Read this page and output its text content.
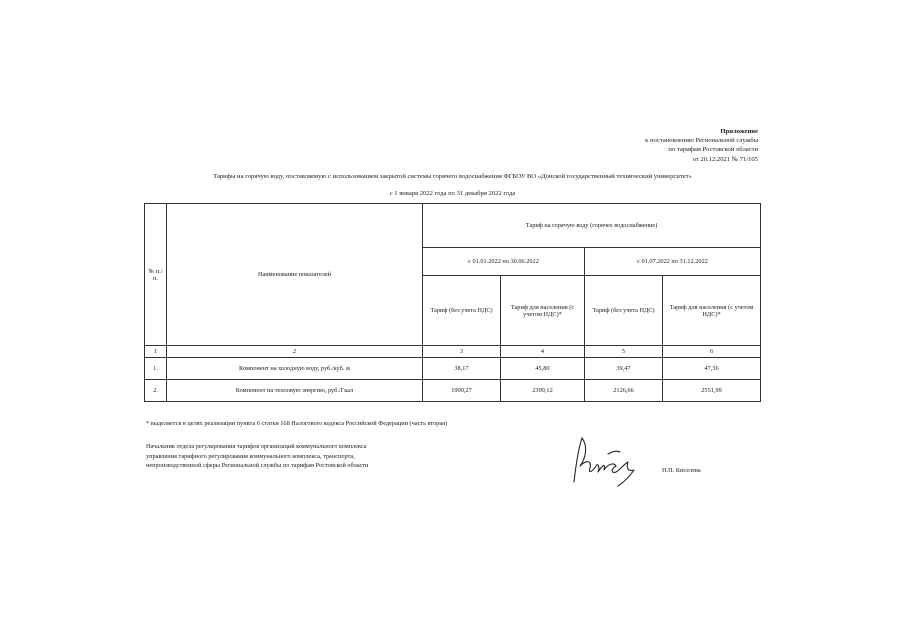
Приложение
к постановлению Региональной службы
по тарифам Ростовской области
от 20.12.2021 № 71/105
Тарифы на горячую воду, поставляемую с использованием закрытой системы горячего водоснабжения ФГБОУ ВО «Донской государственный технический университет»
с 1 января 2022 года по 31 декабря 2022 года
№ п./п.	Наименование показателей	Тариф на горячую воду (горячее водоснабжение)			
		с 01.01.2022 по 30.06.2022		с 01.07.2022 по 31.12.2022	
		Тариф (без учета НДС)	Тариф для населения (с учетом НДС)*	Тариф (без учета НДС)	Тариф для населения (с учетом НДС)*
1	2	3	4	5	6
1.	Компонент на холодную воду, руб./куб. м	38,17	45,80	39,47	47,36
2.	Компонент на тепловую энергию, руб./Гкал	1999,27	2399,12	2126,66	2551,99
* выделяется в целях реализации пункта 6 статьи 168 Налогового кодекса Российской Федерации (часть вторая)
Начальник отдела регулирования тарифов организаций коммунального комплекса
управления тарифного регулирования коммунального комплекса, транспорта,
непроизводственной сферы Региональной службы по тарифам Ростовской области
Н.П. Киселева
